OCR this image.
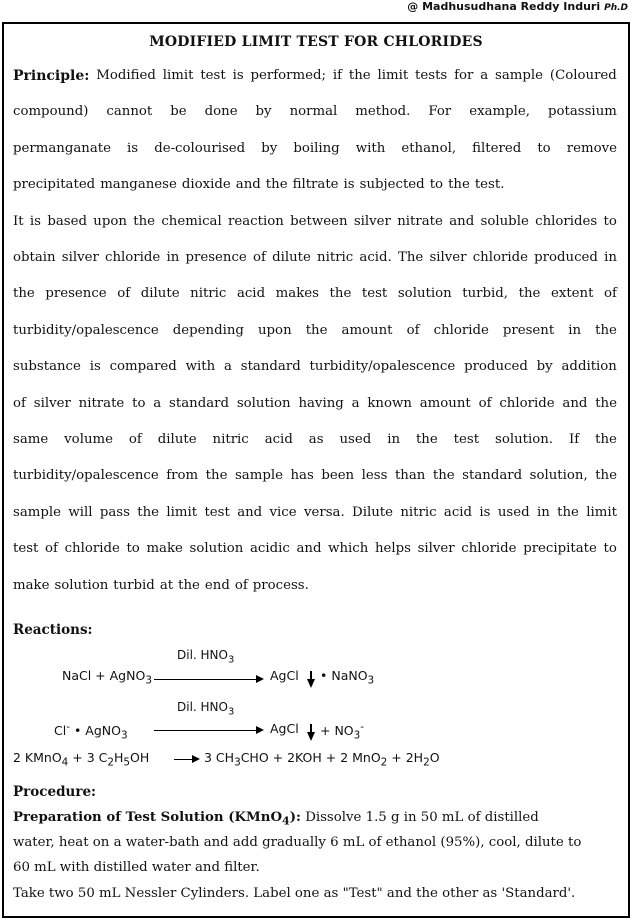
@ Madhusudhana Reddy Induri Ph.D
MODIFIED LIMIT TEST FOR CHLORIDES
Principle: Modified limit test is performed; if the limit tests for a sample (Coloured
compound) cannot be done by normal method. For example, potassium
permanganate is de-colourised by boiling with ethanol, filtered to remove
precipitated manganese dioxide and the filtrate is subjected to the test.
It is based upon the chemical reaction between silver nitrate and soluble chlorides to
obtain silver chloride in presence of dilute nitric acid. The silver chloride produced in
the presence of dilute nitric acid makes the test solution turbid, the extent of
turbidity/opalescence depending upon the amount of chloride present in the
substance is compared with a standard turbidity/opalescence produced by addition
of silver nitrate to a standard solution having a known amount of chloride and the
same volume of dilute nitric acid as used in the test solution. If the
turbidity/opalescence from the sample has been less than the standard solution, the
sample will pass the limit test and vice versa. Dilute nitric acid is used in the limit
test of chloride to make solution acidic and which helps silver chloride precipitate to
make solution turbid at the end of process.
Reactions:
Dil. $HNO_3$
NaCl + AgNO$_3$	AgCl • NaNO$_3$
Dil. $HNO_3$
Cl- • AgNO$_3$	AgCl + $NO_3^-$
2 KMnO$_4$ + 3 $C_2H_5OH$	3 $CH_3CHO + 2KOH + 2$ $MnO_2 + 2H_2O$
Procedure:
Preparation of Test Solution (KMnO$_4$): Dissolve 1.5 g in 50 mL of distilled
water, heat on a water-bath and add gradually 6 mL of ethanol (95%), cool, dilute to
60 mL with distilled water and filter.
Take two 50 mL Nessler Cylinders. Label one as "Test" and the other as 'Standard'.
